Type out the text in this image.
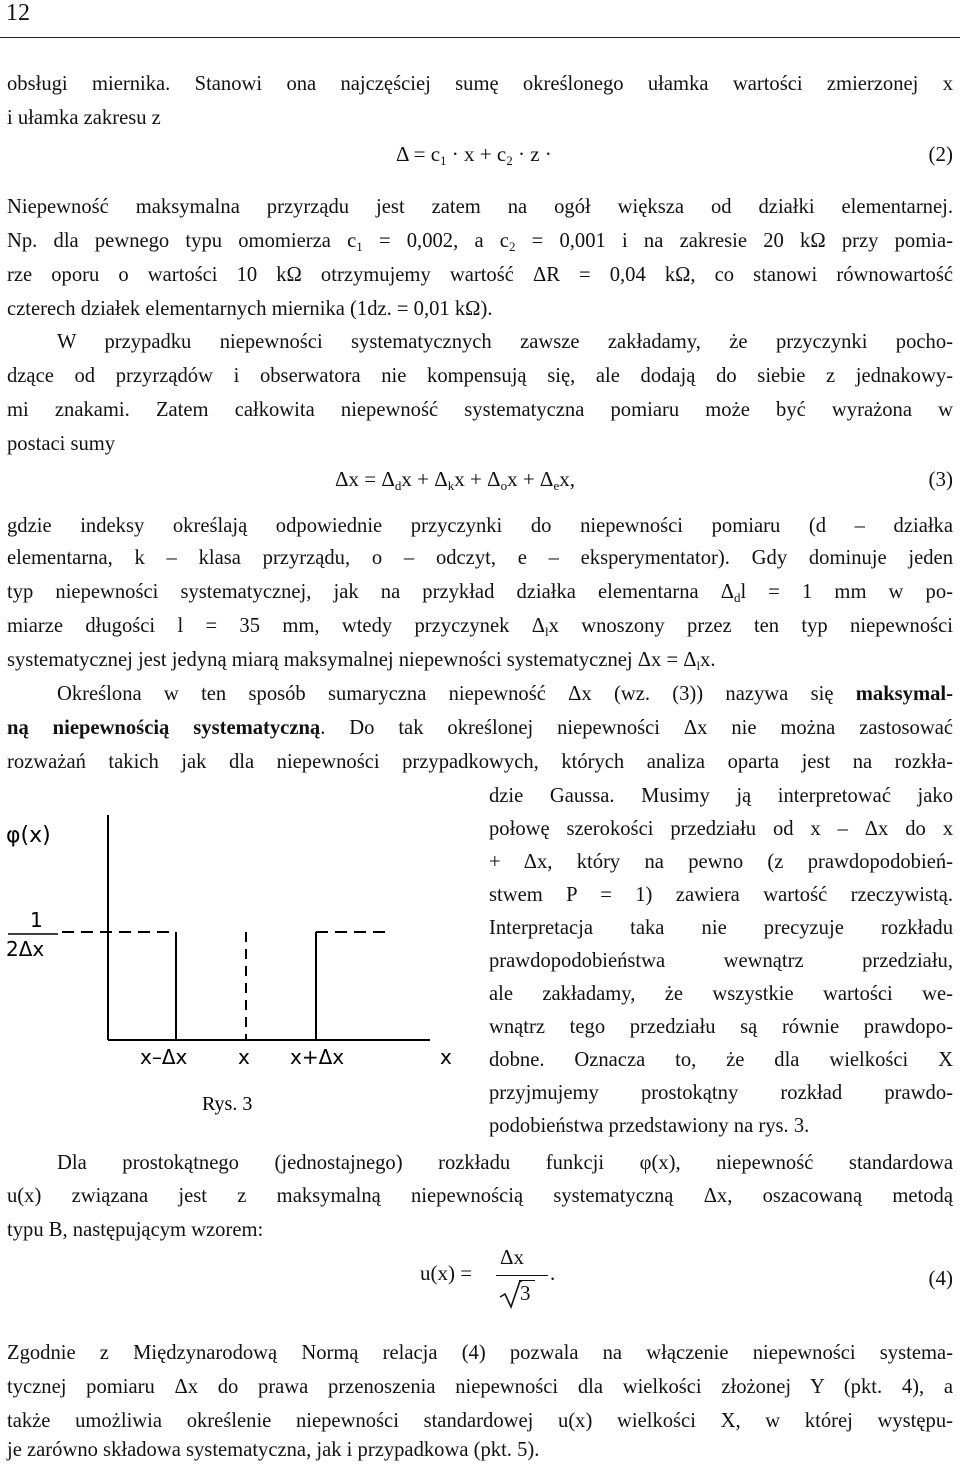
12
obsługi miernika. Stanowi ona najczęściej sumę określonego ułamka wartości zmierzonej x
i ułamka zakresu z
$\Delta = c_1 \cdot x + c_2 \cdot z$ ·	(2)
Niepewność maksymalna przyrządu jest zatem na ogół większa od działki elementarnej.
Np. dla pewnego typu omomierza $c_1 = 0,002$, a $c_2 = 0,001$ i na zakresie 20 kΩ przy pomia-
rze oporu o wartości 10 kΩ otrzymujemy wartość ΔR = 0,04 kΩ, co stanowi równowartość
czterech działek elementarnych miernika (1dz. = 0,01 kΩ).
W przypadku niepewności systematycznych zawsze zakładamy, że przyczynki pocho-
dzące od przyrządów i obserwatora nie kompensują się, ale dodają do siebie z jednakowy-
mi znakami. Zatem całkowita niepewność systematyczna pomiaru może być wyrażona w
postaci sumy
$\Delta x = \Delta_dx + \Delta_kx + \Delta_ox + \Delta_ex$,	(3)
gdzie indeksy określają odpowiednie przyczynki do niepewności pomiaru (d – działka
elementarna, k – klasa przyrządu, o – odczyt, e – eksperymentator). Gdy dominuje jeden
typ niepewności systematycznej, jak na przykład działka elementarna $\Delta_dl = 1$ mm w po-
miarze długości l = 35 mm, wtedy przyczynek $\Delta_lx$ wnoszony przez ten typ niepewności
systematycznej jest jedyną miarą maksymalnej niepewności systematycznej $\Delta x = \Delta_lx$.
Określona w ten sposób sumaryczna niepewność Δx (wz. (3)) nazywa się maksymal-
ną niepewnością systematyczną. Do tak określonej niepewności Δx nie można zastosować
rozważań takich jak dla niepewności przypadkowych, których analiza oparta jest na rozkła-
dzie Gaussa. Musimy ją interpretować jako
połowę szerokości przedziału od x – Δx do x
+ Δx, który na pewno (z prawdopodobień-
stwem P = 1) zawiera wartość rzeczywistą.
Interpretacja taka nie precyzuje rozkładu
prawdopodobieństwa wewnątrz przedziału,
ale zakładamy, że wszystkie wartości we-
wnątrz tego przedziału są równie prawdopo-
dobne. Oznacza to, że dla wielkości X
przyjmujemy prostokątny rozkład prawdo-
podobieństwa przedstawiony na rys. 3.
φ(x)
1
2Δx
x–Δx	x x+Δx	x
Rys. 3
Dla prostokątnego (jednostajnego) rozkładu funkcji φ(x), niepewność standardowa
u(x) związana jest z maksymalną niepewnością systematyczną Δx, oszacowaną metodą
typu B, następującym wzorem:
u(x) =
Δx
3
.	(4)
Zgodnie z Międzynarodową Normą relacja (4) pozwala na włączenie niepewności systema-
tycznej pomiaru Δx do prawa przenoszenia niepewności dla wielkości złożonej Y (pkt. 4), a
także umożliwia określenie niepewności standardowej u(x) wielkości X, w której występu-
je zarówno składowa systematyczna, jak i przypadkowa (pkt. 5).
